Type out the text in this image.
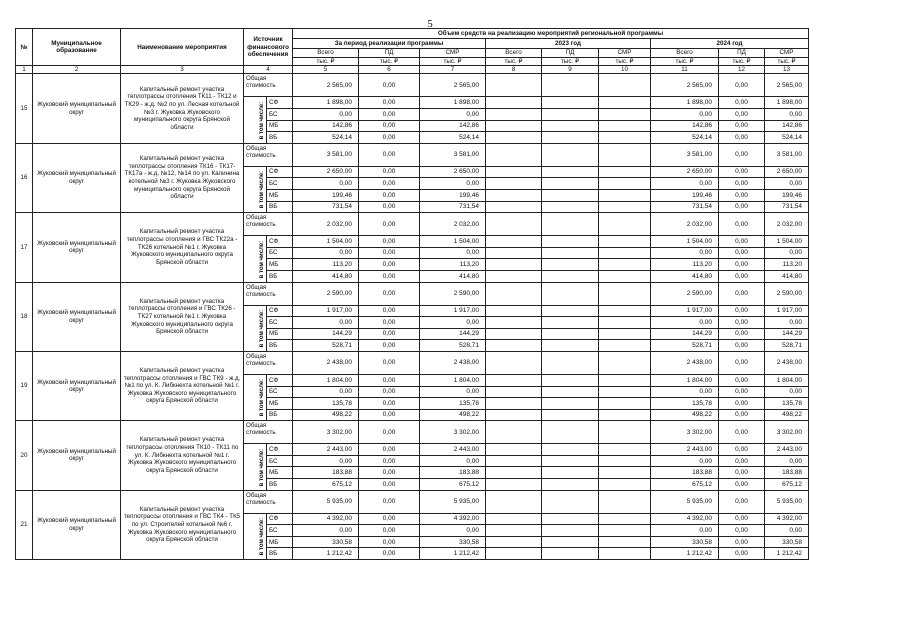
5
№	Муниципальное образование	Наименование мероприятия	Источник финансового обеспечения		Объем средств на реализацию мероприятий региональной программы								
					За период реализации программы			2023 год			2024 год		
					Всего	ПД	СМР	Всего	ПД	СМР	Всего	ПД	СМР
					тыс. ₽	тыс. ₽	тыс. ₽	тыс. ₽	тыс. ₽	тыс. ₽	тыс. ₽	тыс. ₽	тыс. ₽
1	2	3	4		5	6	7	8	9	10	11	12	13
15	Жуковский муниципальный округ	Капитальный ремонт участка теплотрассы отопления ТК11 - ТК12 и ТК29 - ж.д. №2 по ул. Лесная котельной №3 г. Жуковка Жуковского муниципального округа Брянской области	Общая стоимость		2 565,00	0,00	2 565,00				2 565,00	0,00	2 565,00
			в том числе:	СФ	1 898,00	0,00	1 898,00				1 898,00	0,00	1 898,00
				БС	0,00	0,00	0,00				0,00	0,00	0,00
				МБ	142,86	0,00	142,86				142,86	0,00	142,86
				ВБ	524,14	0,00	524,14				524,14	0,00	524,14
16	Жуковский муниципальный округ	Капитальный ремонт участка теплотрассы отопления ТК16 - ТК17-ТК17а - ж.д. №12, №14 по ул. Калинина котельной №3 г. Жуковка Жуковского муниципального округа Брянской области	Общая стоимость		3 581,00	0,00	3 581,00				3 581,00	0,00	3 581,00
			в том числе:	СФ	2 650,00	0,00	2 650,00				2 650,00	0,00	2 650,00
				БС	0,00	0,00	0,00				0,00	0,00	0,00
				МБ	199,46	0,00	199,46				199,46	0,00	199,46
				ВБ	731,54	0,00	731,54				731,54	0,00	731,54
17	Жуковский муниципальный округ	Капитальный ремонт участка теплотрассы отопления и ГВС ТК22а - ТК26 котельной №1 г. Жуковка Жуковского муниципального округа Брянской области	Общая стоимость		2 032,00	0,00	2 032,00				2 032,00	0,00	2 032,00
			в том числе:	СФ	1 504,00	0,00	1 504,00				1 504,00	0,00	1 504,00
				БС	0,00	0,00	0,00				0,00	0,00	0,00
				МБ	113,20	0,00	113,20				113,20	0,00	113,20
				ВБ	414,80	0,00	414,80				414,80	0,00	414,80
18	Жуковский муниципальный округ	Капитальный ремонт участка теплотрассы отопления и ГВС ТК26 - ТК27 котельной №1 г. Жуковка Жуковского муниципального округа Брянской области	Общая стоимость		2 590,00	0,00	2 590,00				2 590,00	0,00	2 590,00
			в том числе:	СФ	1 917,00	0,00	1 917,00				1 917,00	0,00	1 917,00
				БС	0,00	0,00	0,00				0,00	0,00	0,00
				МБ	144,29	0,00	144,29				144,29	0,00	144,29
				ВБ	528,71	0,00	528,71				528,71	0,00	528,71
19	Жуковский муниципальный округ	Капитальный ремонт участка теплотрассы отопления и ГВС ТК9 - ж.д. №1 по ул. К. Либкнехта котельной №1 г. Жуковка Жуковского муниципального округа Брянской области	Общая стоимость		2 438,00	0,00	2 438,00				2 438,00	0,00	2 438,00
			в том числе:	СФ	1 804,00	0,00	1 804,00				1 804,00	0,00	1 804,00
				БС	0,00	0,00	0,00				0,00	0,00	0,00
				МБ	135,78	0,00	135,78				135,78	0,00	135,78
				ВБ	498,22	0,00	498,22				498,22	0,00	498,22
20	Жуковский муниципальный округ	Капитальный ремонт участка теплотрассы отопления ТК10 - ТК11 по ул. К. Либкнехта котельной №1 г. Жуковка Жуковского муниципального округа Брянской области	Общая стоимость		3 302,00	0,00	3 302,00				3 302,00	0,00	3 302,00
			в том числе:	СФ	2 443,00	0,00	2 443,00				2 443,00	0,00	2 443,00
				БС	0,00	0,00	0,00				0,00	0,00	0,00
				МБ	183,88	0,00	183,88				183,88	0,00	183,88
				ВБ	675,12	0,00	675,12				675,12	0,00	675,12
21	Жуковский муниципальный округ	Капитальный ремонт участка теплотрассы отопления и ГВС ТК4 - ТК5 по ул. Строителей котельной №6 г. Жуковка Жуковского муниципального округа Брянской области	Общая стоимость		5 935,00	0,00	5 935,00				5 935,00	0,00	5 935,00
			в том числе:	СФ	4 392,00	0,00	4 392,00				4 392,00	0,00	4 392,00
				БС	0,00	0,00	0,00				0,00	0,00	0,00
				МБ	330,58	0,00	330,58				330,58	0,00	330,58
				ВБ	1 212,42	0,00	1 212,42				1 212,42	0,00	1 212,42
